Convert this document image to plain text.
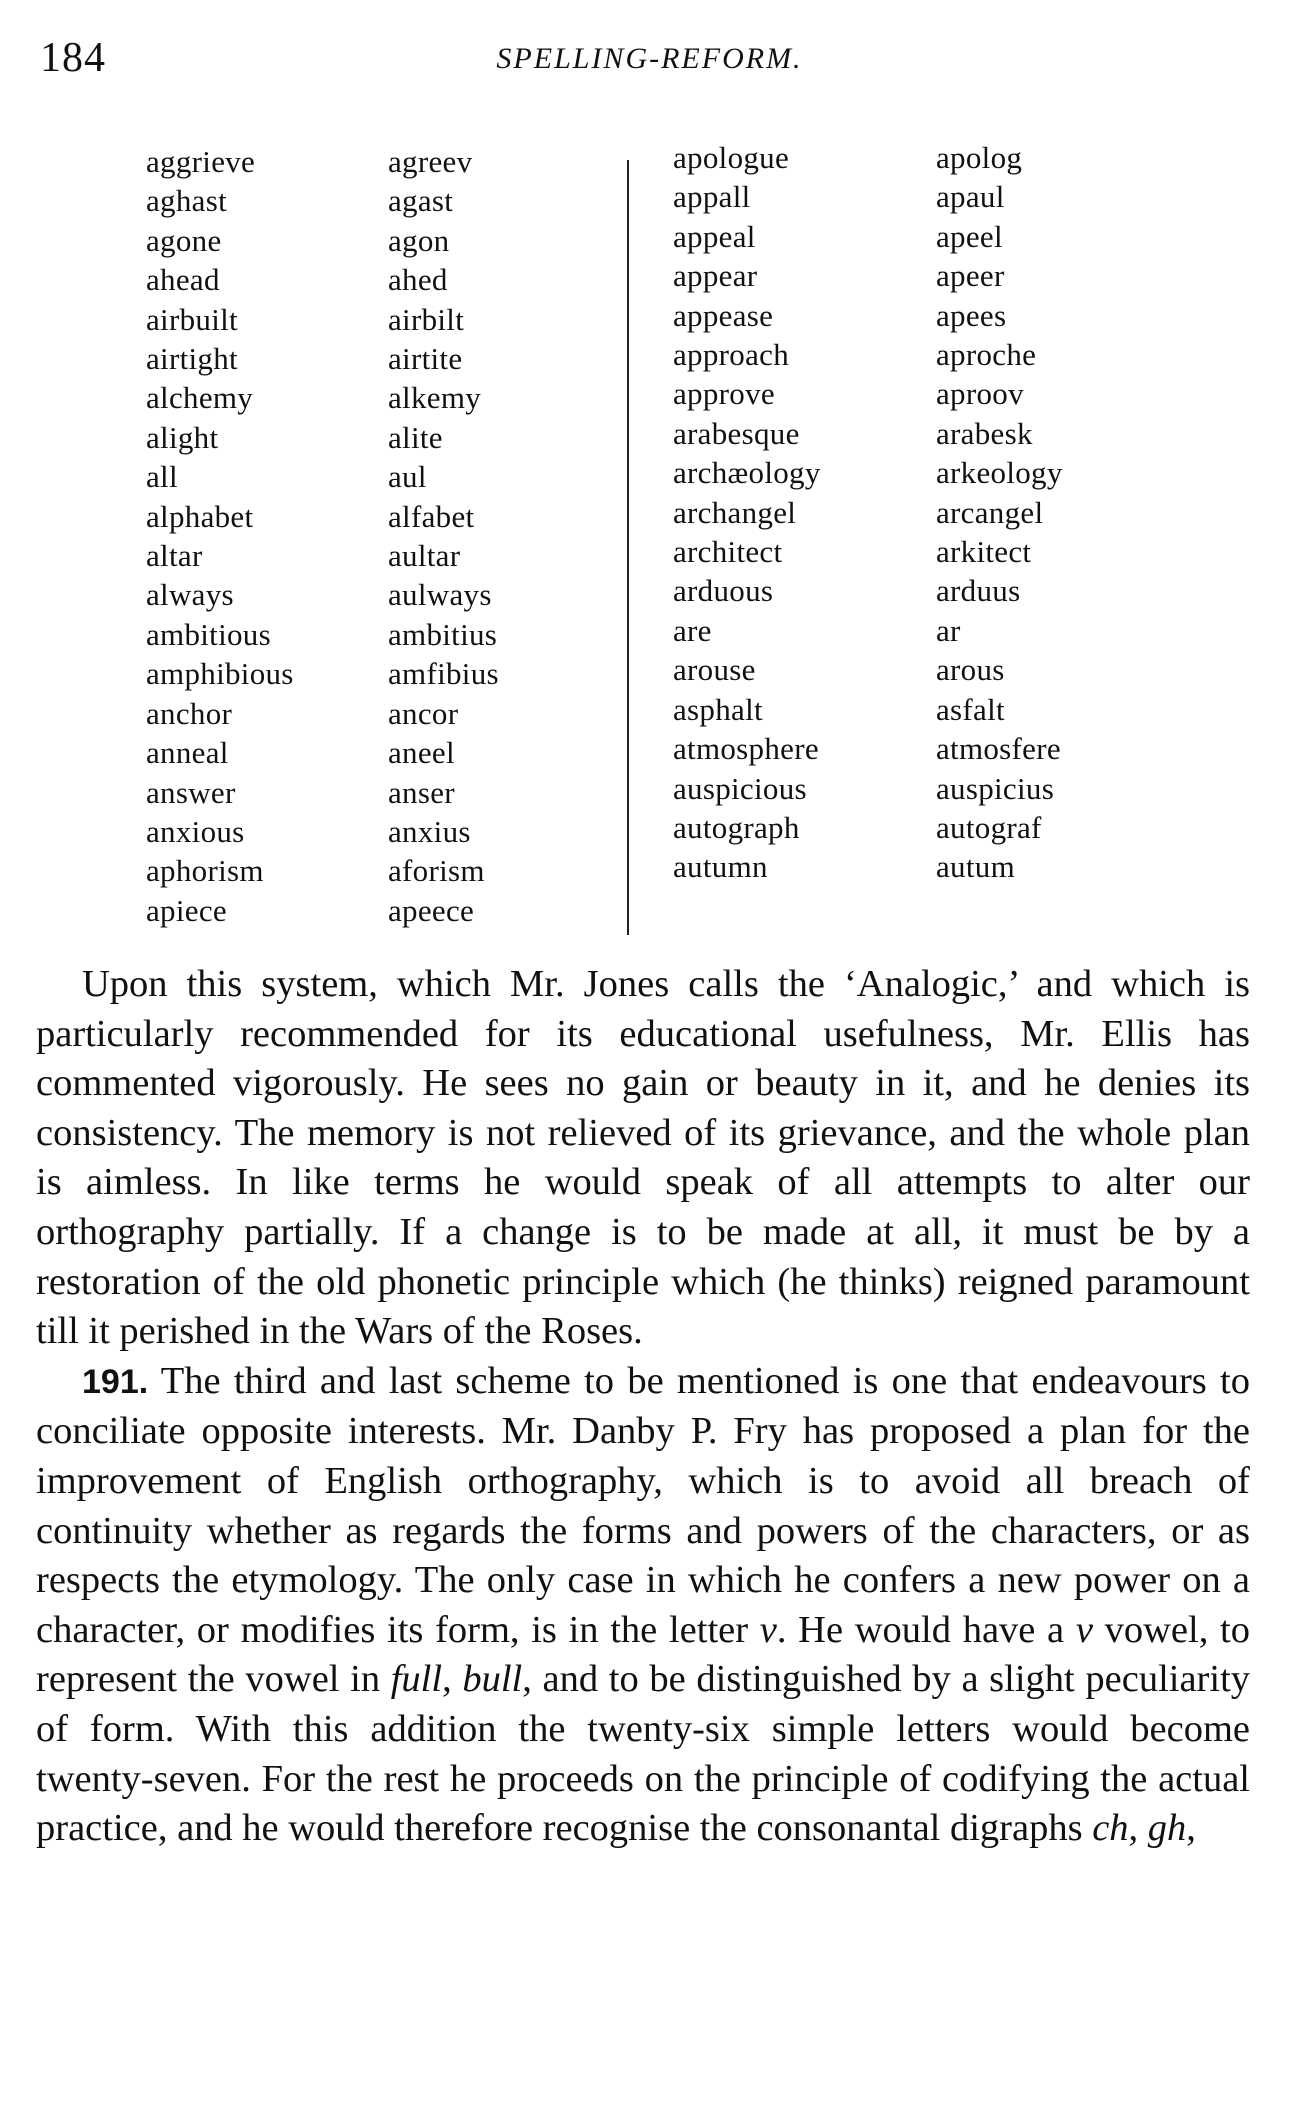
184	SPELLING-REFORM.
aggrieve
aghast
agone
ahead
airbuilt
airtight
alchemy
alight
all
alphabet
altar
always
ambitious
amphibious
anchor
anneal
answer
anxious
aphorism
apiece
agreev
agast
agon
ahed
airbilt
airtite
alkemy
alite
aul
alfabet
aultar
aulways
ambitius
amfibius
ancor
aneel
anser
anxius
aforism
apeece
apologue
appall
appeal
appear
appease
approach
approve
arabesque
archæology
archangel
architect
arduous
are
arouse
asphalt
atmosphere
auspicious
autograph
autumn
apolog
apaul
apeel
apeer
apees
aproche
aproov
arabesk
arkeology
arcangel
arkitect
arduus
ar
arous
asfalt
atmosfere
auspicius
autograf
autum

Upon this system, which Mr. Jones calls the ‘Analogic,’ and which is particularly recommended for its educational usefulness, Mr. Ellis has commented vigorously. He sees no gain or beauty in it, and he denies its consistency. The memory is not relieved of its grievance, and the whole plan is aimless. In like terms he would speak of all attempts to alter our orthography partially. If a change is to be made at all, it must be by a restoration of the old phonetic principle which (he thinks) reigned paramount till it perished in the Wars of the Roses.

191. The third and last scheme to be mentioned is one that endeavours to conciliate opposite interests. Mr. Danby P. Fry has proposed a plan for the improvement of English orthography, which is to avoid all breach of continuity whether as regards the forms and powers of the characters, or as respects the etymology. The only case in which he confers a new power on a character, or modifies its form, is in the letter v. He would have a v vowel, to represent the vowel in full, bull, and to be distinguished by a slight peculiarity of form. With this addition the twenty-six simple letters would become twenty-seven. For the rest he proceeds on the principle of codifying the actual practice, and he would therefore recognise the consonantal digraphs ch, gh,
